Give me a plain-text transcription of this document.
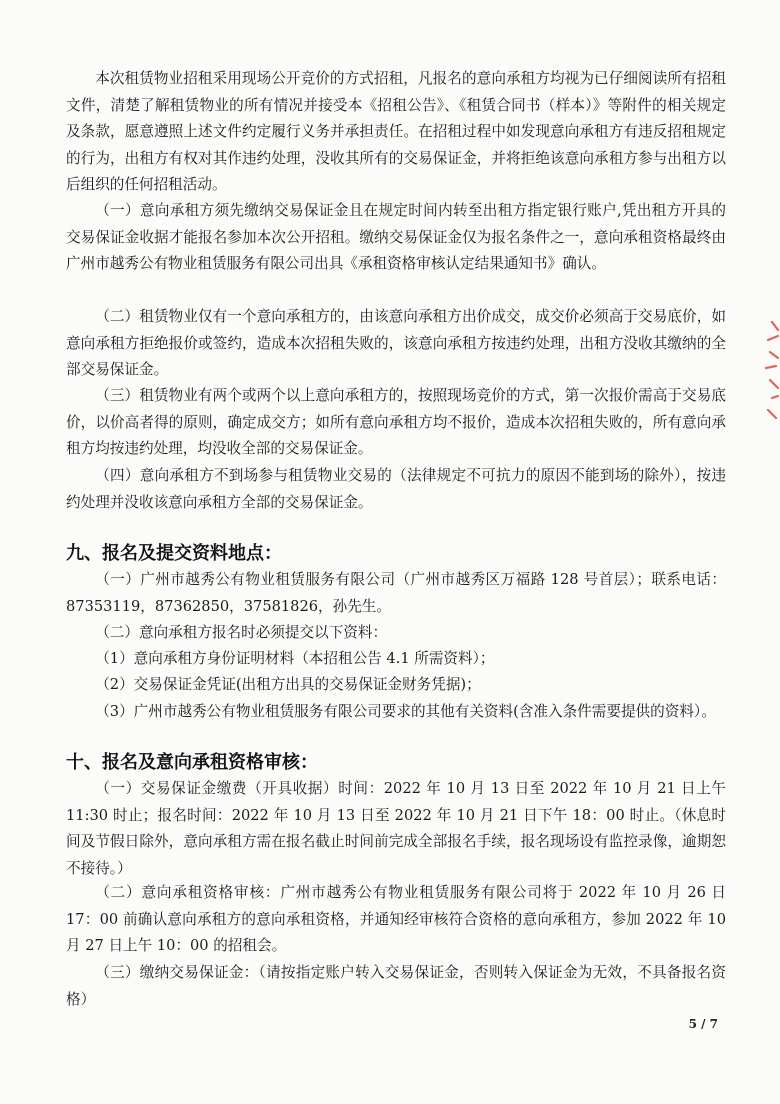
本次租赁物业招租采用现场公开竞价的方式招租，凡报名的意向承租方均视为已仔细阅读所有招租文件，清楚了解租赁物业的所有情况并接受本《招租公告》、《租赁合同书（样本）》等附件的相关规定及条款，愿意遵照上述文件约定履行义务并承担责任。在招租过程中如发现意向承租方有违反招租规定的行为，出租方有权对其作违约处理，没收其所有的交易保证金，并将拒绝该意向承租方参与出租方以后组织的任何招租活动。

（一）意向承租方须先缴纳交易保证金且在规定时间内转至出租方指定银行账户,凭出租方开具的交易保证金收据才能报名参加本次公开招租。缴纳交易保证金仅为报名条件之一，意向承租资格最终由广州市越秀公有物业租赁服务有限公司出具《承租资格审核认定结果通知书》确认。

（二）租赁物业仅有一个意向承租方的，由该意向承租方出价成交，成交价必须高于交易底价，如意向承租方拒绝报价或签约，造成本次招租失败的，该意向承租方按违约处理，出租方没收其缴纳的全部交易保证金。

（三）租赁物业有两个或两个以上意向承租方的，按照现场竞价的方式，第一次报价需高于交易底价，以价高者得的原则，确定成交方；如所有意向承租方均不报价，造成本次招租失败的，所有意向承租方均按违约处理，均没收全部的交易保证金。

（四）意向承租方不到场参与租赁物业交易的（法律规定不可抗力的原因不能到场的除外），按违约处理并没收该意向承租方全部的交易保证金。

九、报名及提交资料地点：

（一）广州市越秀公有物业租赁服务有限公司（广州市越秀区万福路 128 号首层）；联系电话： 87353119，87362850，37581826，孙先生。

（二）意向承租方报名时必须提交以下资料：

（1）意向承租方身份证明材料（本招租公告 4.1 所需资料）；

（2）交易保证金凭证(出租方出具的交易保证金财务凭据)；

（3）广州市越秀公有物业租赁服务有限公司要求的其他有关资料(含准入条件需要提供的资料）。

十、报名及意向承租资格审核：

（一）交易保证金缴费（开具收据）时间：2022 年 10 月 13 日至 2022 年 10 月 21 日上午 11:30 时止；报名时间：2022 年 10 月 13 日至 2022 年 10 月 21 日下午 18：00 时止。（休息时间及节假日除外，意向承租方需在报名截止时间前完成全部报名手续，报名现场设有监控录像，逾期恕不接待。）

（二）意向承租资格审核：广州市越秀公有物业租赁服务有限公司将于 2022 年 10 月 26 日 17：00 前确认意向承租方的意向承租资格，并通知经审核符合资格的意向承租方，参加 2022 年 10 月 27 日上午 10：00 的招租会。

（三）缴纳交易保证金：（请按指定账户转入交易保证金，否则转入保证金为无效，不具备报名资格）

5 / 7
